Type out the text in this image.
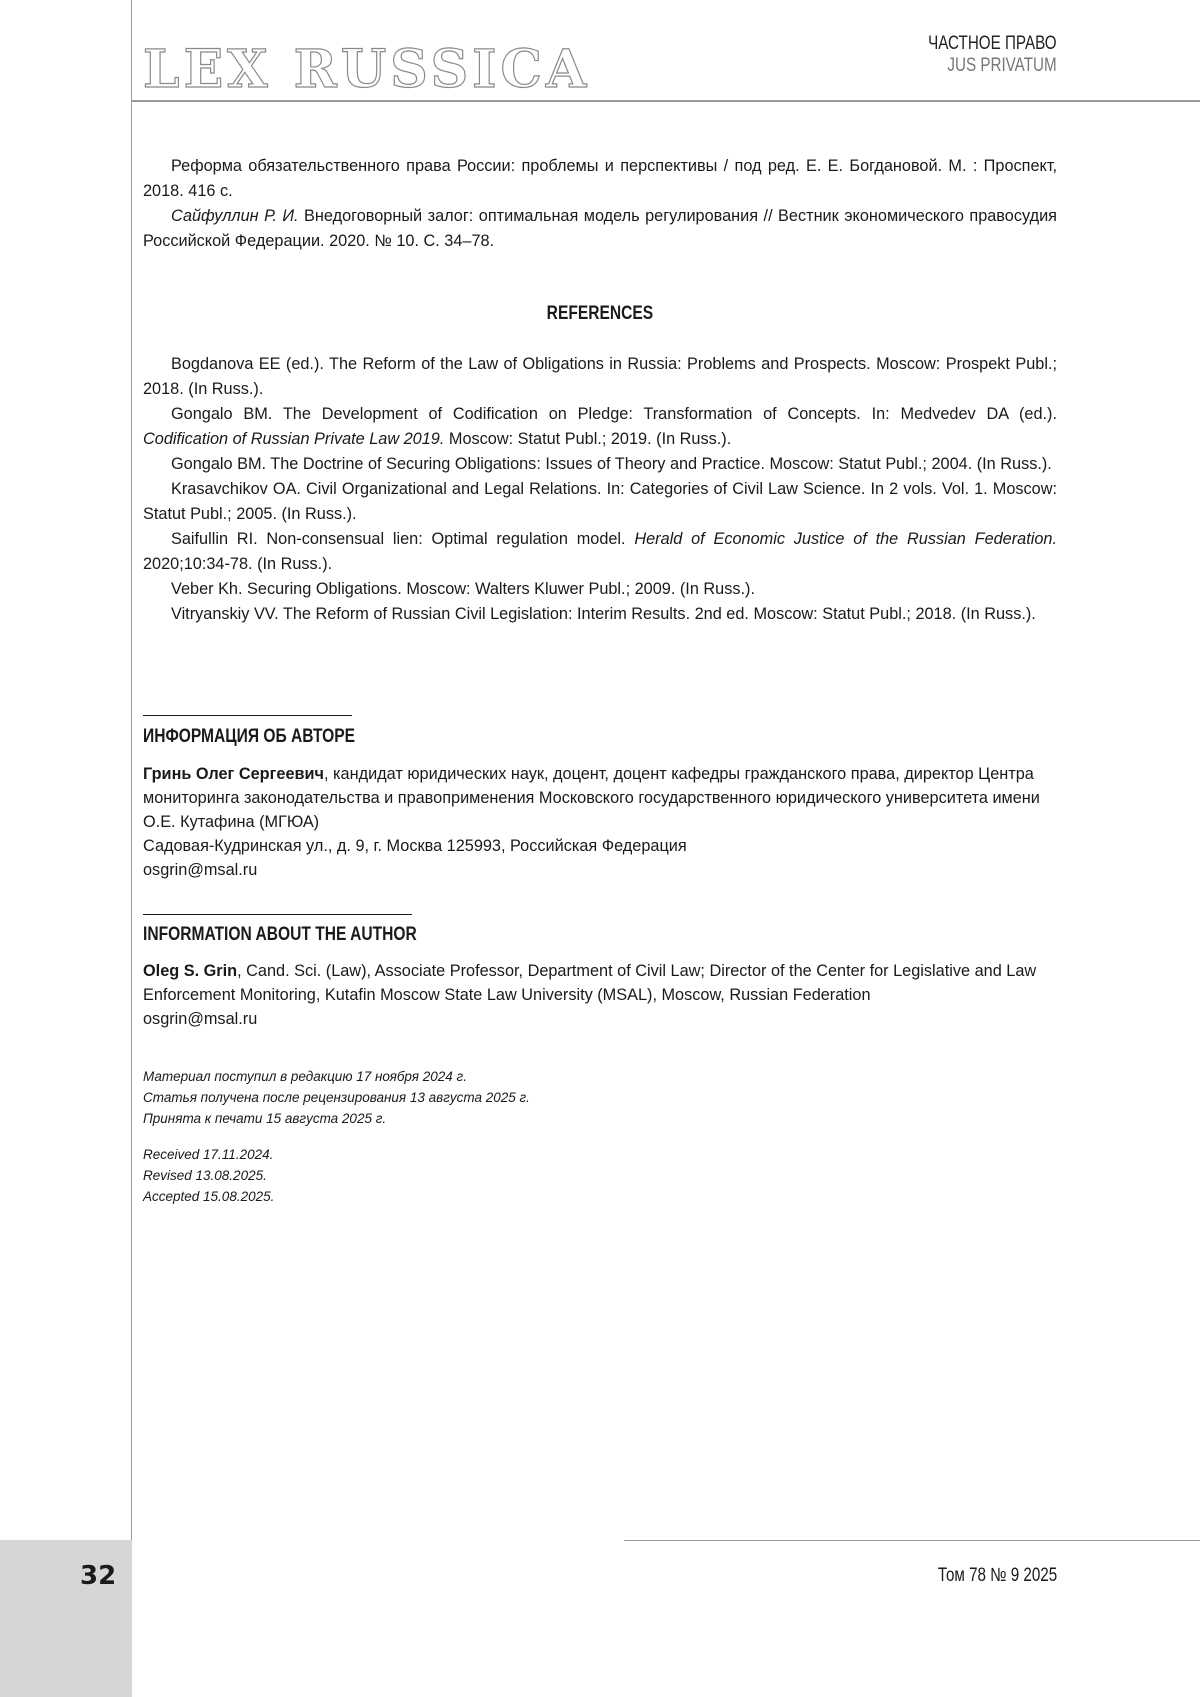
LEX RUSSICA	ЧАСТНОЕ ПРАВО
JUS PRIVATUM

Реформа обязательственного права России: проблемы и перспективы / под ред. Е. Е. Богдановой. М. : Проспект, 2018. 416 с.

Сайфуллин Р. И. Внедоговорный залог: оптимальная модель регулирования // Вестник экономического правосудия Российской Федерации. 2020. № 10. С. 34–78.

REFERENCES

Bogdanova EE (ed.). The Reform of the Law of Obligations in Russia: Problems and Prospects. Moscow: Prospekt Publ.; 2018. (In Russ.).

Gongalo BM. The Development of Codification on Pledge: Transformation of Concepts. In: Medvedev DA (ed.). Codification of Russian Private Law 2019. Moscow: Statut Publ.; 2019. (In Russ.).

Gongalo BM. The Doctrine of Securing Obligations: Issues of Theory and Practice. Moscow: Statut Publ.; 2004. (In Russ.).

Krasavchikov OA. Civil Organizational and Legal Relations. In: Categories of Civil Law Science. In 2 vols. Vol. 1. Moscow: Statut Publ.; 2005. (In Russ.).

Saifullin RI. Non-consensual lien: Optimal regulation model. Herald of Economic Justice of the Russian Federation. 2020;10:34-78. (In Russ.).

Veber Kh. Securing Obligations. Moscow: Walters Kluwer Publ.; 2009. (In Russ.).

Vitryanskiy VV. The Reform of Russian Civil Legislation: Interim Results. 2nd ed. Moscow: Statut Publ.; 2018. (In Russ.).

ИНФОРМАЦИЯ ОБ АВТОРЕ

Гринь Олег Сергеевич, кандидат юридических наук, доцент, доцент кафедры гражданского права, директор Центра мониторинга законодательства и правоприменения Московского государственного юридического университета имени О.Е. Кутафина (МГЮА)

Садовая-Кудринская ул., д. 9, г. Москва 125993, Российская Федерация

osgrin@msal.ru

INFORMATION ABOUT THE AUTHOR

Oleg S. Grin, Cand. Sci. (Law), Associate Professor, Department of Civil Law; Director of the Center for Legislative and Law Enforcement Monitoring, Kutafin Moscow State Law University (MSAL), Moscow, Russian Federation

osgrin@msal.ru

Материал поступил в редакцию 17 ноября 2024 г.

Статья получена после рецензирования 13 августа 2025 г.

Принята к печати 15 августа 2025 г.

Received 17.11.2024.

Revised 13.08.2025.

Accepted 15.08.2025.

32	Том 78 № 9 2025
